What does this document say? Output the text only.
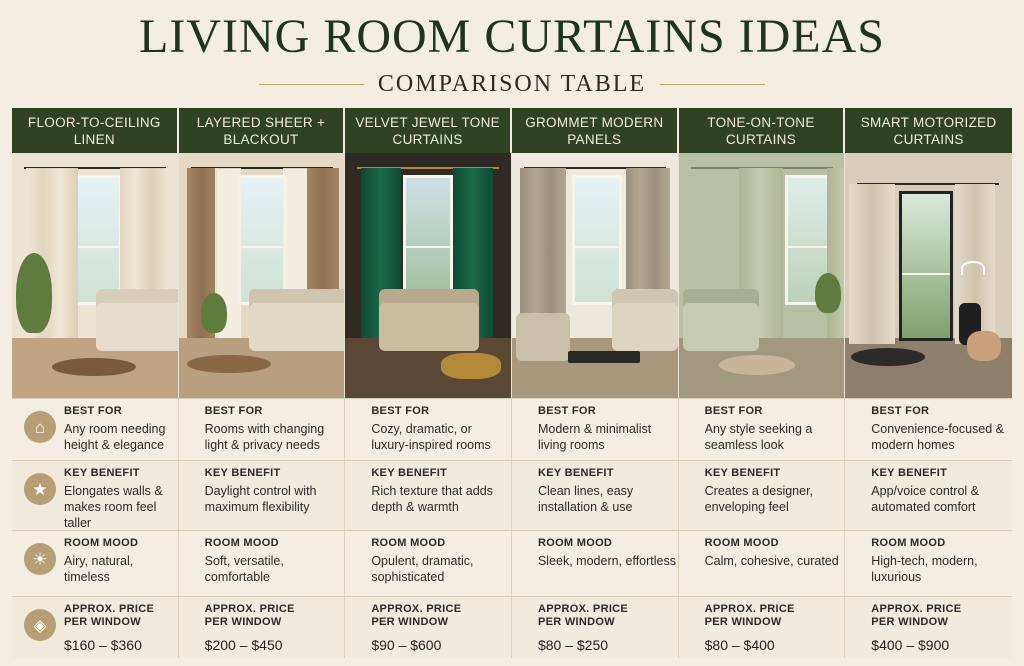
LIVING ROOM CURTAINS IDEAS
COMPARISON TABLE
FLOOR-TO-CEILING LINEN
LAYERED SHEER + BLACKOUT
VELVET JEWEL TONE CURTAINS
GROMMET MODERN PANELS
TONE-ON-TONE CURTAINS
SMART MOTORIZED CURTAINS
⌂
BEST FOR
Any room needing height & elegance
BEST FOR
Rooms with changing light & privacy needs
BEST FOR
Cozy, dramatic, or luxury-inspired rooms
BEST FOR
Modern & minimalist living rooms
BEST FOR
Any style seeking a seamless look
BEST FOR
Convenience-focused & modern homes
★
KEY BENEFIT
Elongates walls & makes room feel taller
KEY BENEFIT
Daylight control with maximum flexibility
KEY BENEFIT
Rich texture that adds depth & warmth
KEY BENEFIT
Clean lines, easy installation & use
KEY BENEFIT
Creates a designer, enveloping feel
KEY BENEFIT
App/voice control & automated comfort
☀
ROOM MOOD
Airy, natural, timeless
ROOM MOOD
Soft, versatile, comfortable
ROOM MOOD
Opulent, dramatic, sophisticated
ROOM MOOD
Sleek, modern, effortless
ROOM MOOD
Calm, cohesive, curated
ROOM MOOD
High-tech, modern, luxurious
◈
APPROX. PRICE
PER WINDOW
$160 – $360
APPROX. PRICE
PER WINDOW
$200 – $450
APPROX. PRICE
PER WINDOW
$90 – $600
APPROX. PRICE
PER WINDOW
$80 – $250
APPROX. PRICE
PER WINDOW
$80 – $400
APPROX. PRICE
PER WINDOW
$400 – $900
